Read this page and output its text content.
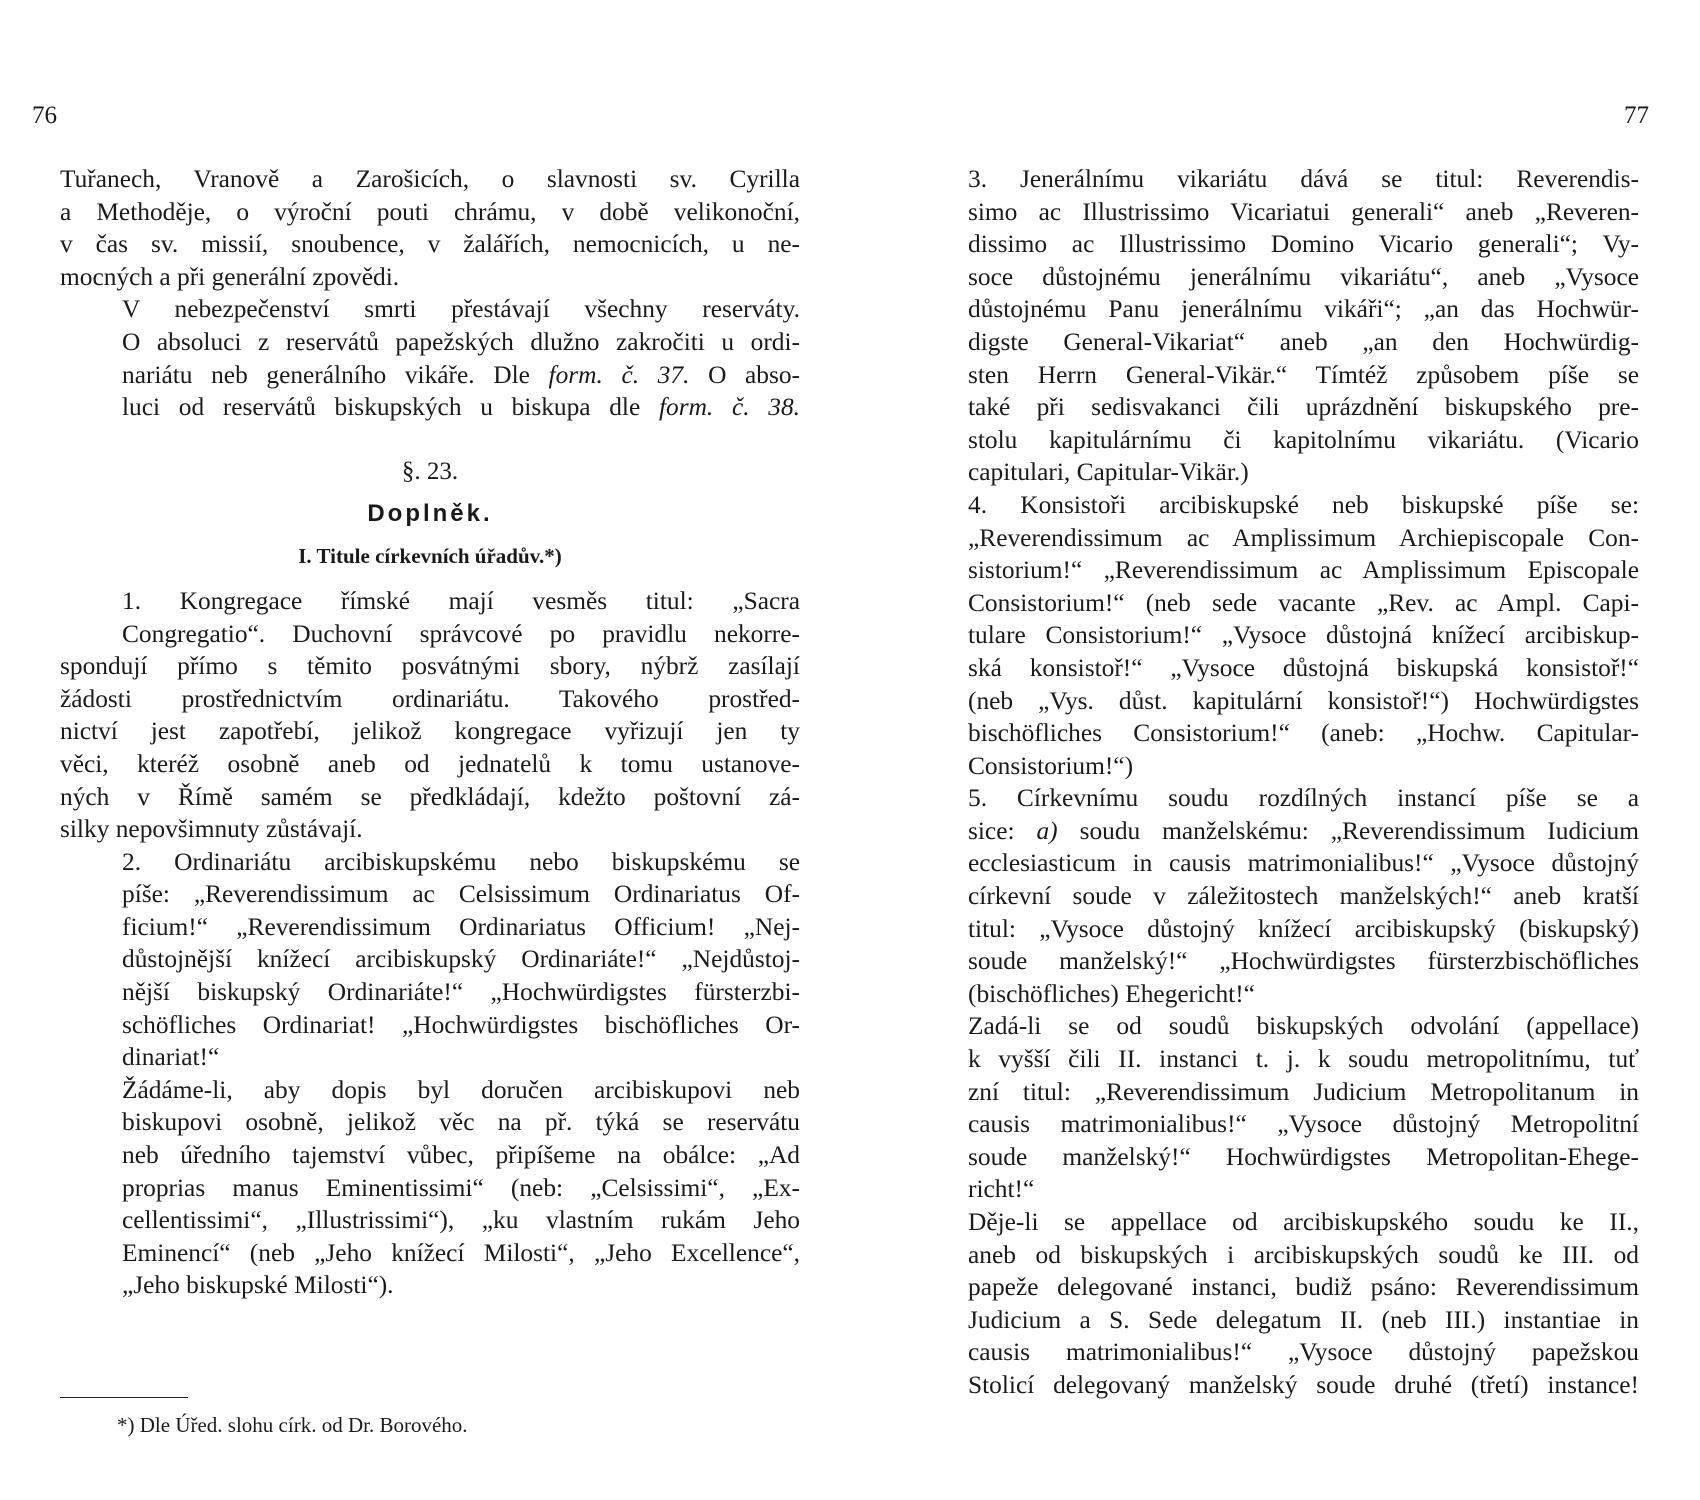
76

Tuřanech, Vranově a Zarošicích, o slavnosti sv. Cyrilla
a Methoděje, o výroční pouti chrámu, v době velikonoční,
v čas sv. missií, snoubence, v žalářích, nemocnicích, u ne-
mocných a při generální zpovědi.

V nebezpečenství smrti přestávají všechny reserváty.
O absoluci z reservátů papežských dlužno zakročiti u ordi-
nariátu neb generálního vikáře. Dle form. č. 37. O abso-
luci od reservátů biskupských u biskupa dle form. č. 38.

§. 23.
Doplněk.
I. Titule církevních úřadův.*)

1. Kongregace římské mají vesměs titul: „Sacra
Congregatio“. Duchovní správcové po pravidlu nekorre-
spondují přímo s těmito posvátnými sbory, nýbrž zasílají
žádosti prostřednictvím ordinariátu. Takového prostřed-
nictví jest zapotřebí, jelikož kongregace vyřizují jen ty
věci, kteréž osobně aneb od jednatelů k tomu ustanove-
ných v Římě samém se předkládají, kdežto poštovní zá-
silky nepovšimnuty zůstávají.

2. Ordinariátu arcibiskupskému nebo biskupskému se
píše: „Reverendissimum ac Celsissimum Ordinariatus Of-
ficium!“ „Reverendissimum Ordinariatus Officium! „Nej-
důstojnější knížecí arcibiskupský Ordinariáte!“ „Nejdůstoj-
nější biskupský Ordinariáte!“ „Hochwürdigstes fürsterzbi-
schöfliches Ordinariat! „Hochwürdigstes bischöfliches Or-
dinariat!“

Žádáme-li, aby dopis byl doručen arcibiskupovi neb
biskupovi osobně, jelikož věc na př. týká se reservátu
neb úředního tajemství vůbec, připíšeme na obálce: „Ad
proprias manus Eminentissimi“ (neb: „Celsissimi“, „Ex-
cellentissimi“, „Illustrissimi“), „ku vlastním rukám Jeho
Eminencí“ (neb „Jeho knížecí Milosti“, „Jeho Excellence“,
„Jeho biskupské Milosti“).

*) Dle Úřed. slohu círk. od Dr. Borového.
77

3. Jenerálnímu vikariátu dává se titul: Reverendis-
simo ac Illustrissimo Vicariatui generali“ aneb „Reveren-
dissimo ac Illustrissimo Domino Vicario generali“; Vy-
soce důstojnému jenerálnímu vikariátu“, aneb „Vysoce
důstojnému Panu jenerálnímu vikáři“; „an das Hochwür-
digste General-Vikariat“ aneb „an den Hochwürdig-
sten Herrn General-Vikär.“ Tímtéž způsobem píše se
také při sedisvakanci čili uprázdnění biskupského pre-
stolu kapitulárnímu či kapitolnímu vikariátu. (Vicario
capitulari, Capitular-Vikär.)

4. Konsistoři arcibiskupské neb biskupské píše se:
„Reverendissimum ac Amplissimum Archiepiscopale Con-
sistorium!“ „Reverendissimum ac Amplissimum Episcopale
Consistorium!“ (neb sede vacante „Rev. ac Ampl. Capi-
tulare Consistorium!“ „Vysoce důstojná knížecí arcibiskup-
ská konsistoř!“ „Vysoce důstojná biskupská konsistoř!“
(neb „Vys. důst. kapitulární konsistoř!“) Hochwürdigstes
bischöfliches Consistorium!“ (aneb: „Hochw. Capitular-
Consistorium!“)

5. Církevnímu soudu rozdílných instancí píše se a
sice: a) soudu manželskému: „Reverendissimum Iudicium
ecclesiasticum in causis matrimonialibus!“ „Vysoce důstojný
církevní soude v záležitostech manželských!“ aneb kratší
titul: „Vysoce důstojný knížecí arcibiskupský (biskupský)
soude manželský!“ „Hochwürdigstes fürsterzbischöfliches
(bischöfliches) Ehegericht!“

Zadá-li se od soudů biskupských odvolání (appellace)
k vyšší čili II. instanci t. j. k soudu metropolitnímu, tuť
zní titul: „Reverendissimum Judicium Metropolitanum in
causis matrimonialibus!“ „Vysoce důstojný Metropolitní
soude manželský!“ Hochwürdigstes Metropolitan-Ehege-
richt!“

Děje-li se appellace od arcibiskupského soudu ke II.,
aneb od biskupských i arcibiskupských soudů ke III. od
papeže delegované instanci, budiž psáno: Reverendissimum
Judicium a S. Sede delegatum II. (neb III.) instantiae in
causis matrimonialibus!“ „Vysoce důstojný papežskou
Stolicí delegovaný manželský soude druhé (třetí) instance!
